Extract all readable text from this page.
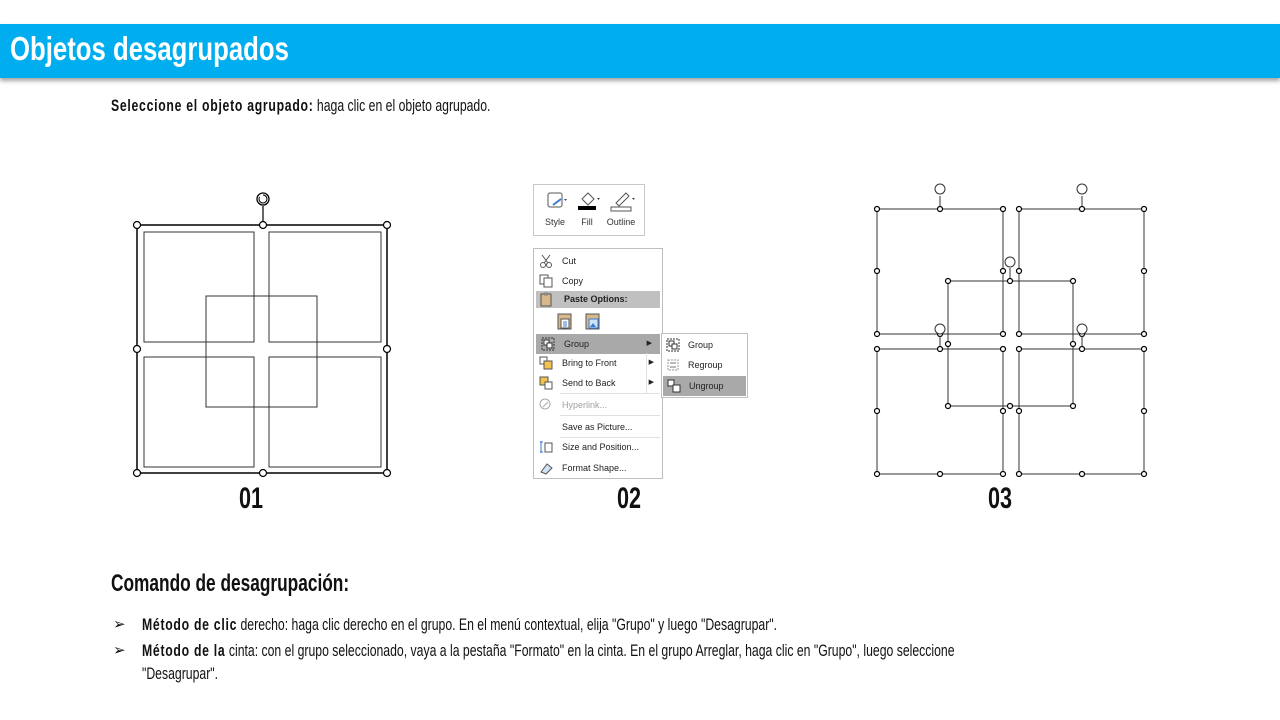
Objetos desagrupados
Seleccione el objeto agrupado: haga clic en el objeto agrupado.
01
Style	Fill	Outline
Cut
Copy
Paste Options:
Group	▶
Bring to Front	▶
Send to Back	▶
Hyperlink...
Save as Picture...
Size and Position...
Format Shape...
Group
Regroup
Ungroup
02	03
Comando de desagrupación:
➢ Método de clic derecho: haga clic derecho en el grupo. En el menú contextual, elija "Grupo" y luego "Desagrupar".
➢ Método de la cinta: con el grupo seleccionado, vaya a la pestaña "Formato" en la cinta. En el grupo Arreglar, haga clic en "Grupo", luego seleccione "Desagrupar".
